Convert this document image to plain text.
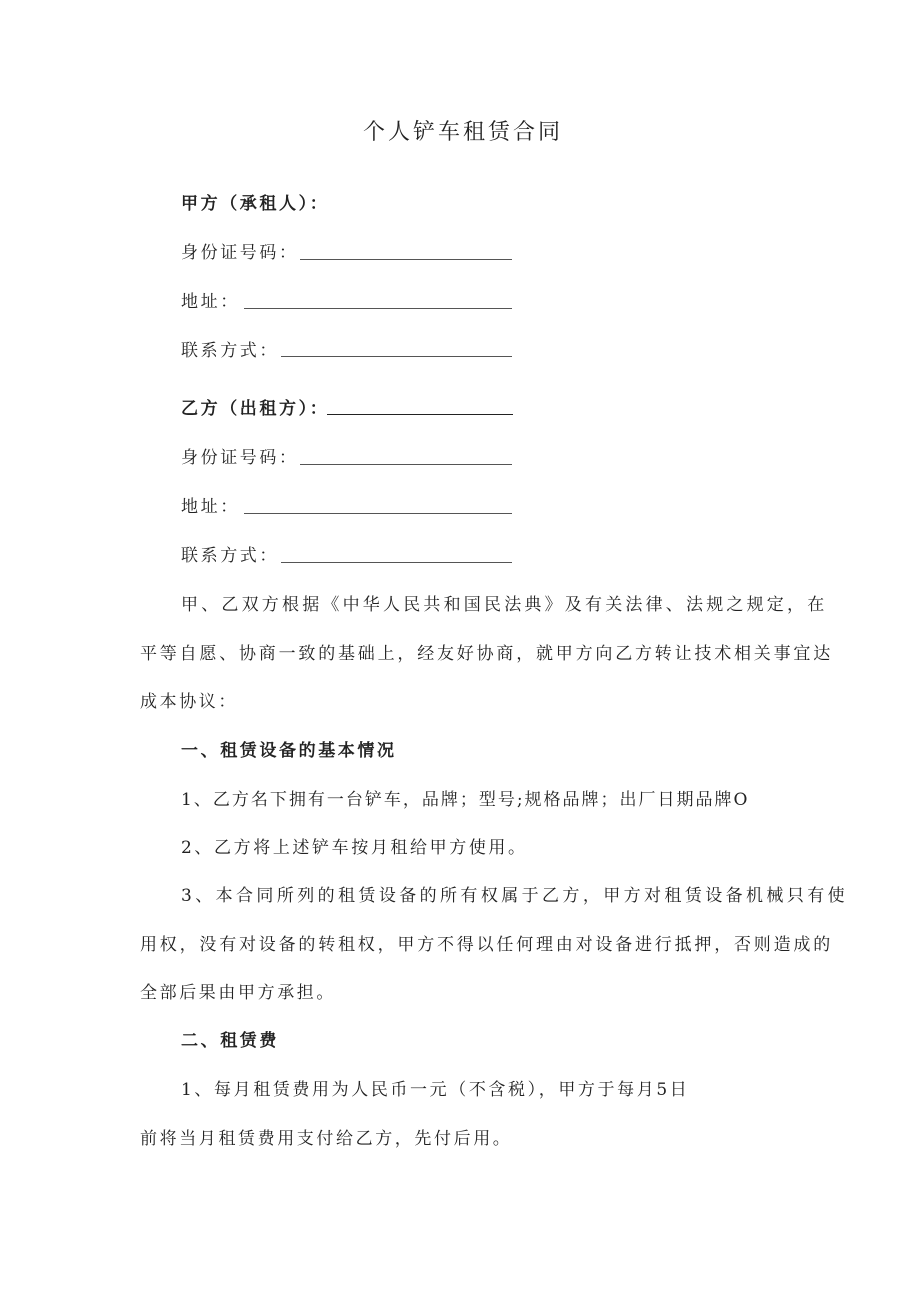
个人铲车租赁合同
甲方（承租人）：
身份证号码：
地址：
联系方式：
乙方（出租方）：
身份证号码：
地址：
联系方式：
甲、乙双方根据《中华人民共和国民法典》及有关法律、法规之规定，在
平等自愿、协商一致的基础上，经友好协商，就甲方向乙方转让技术相关事宜达
成本协议：
一、租赁设备的基本情况
1、乙方名下拥有一台铲车，品牌；型号;规格品牌；出厂日期品牌O
2、乙方将上述铲车按月租给甲方使用。
3、本合同所列的租赁设备的所有权属于乙方，甲方对租赁设备机械只有使
用权，没有对设备的转租权，甲方不得以任何理由对设备进行抵押，否则造成的
全部后果由甲方承担。
二、租赁费
1、每月租赁费用为人民币一元（不含税），甲方于每月5日
前将当月租赁费用支付给乙方，先付后用。
